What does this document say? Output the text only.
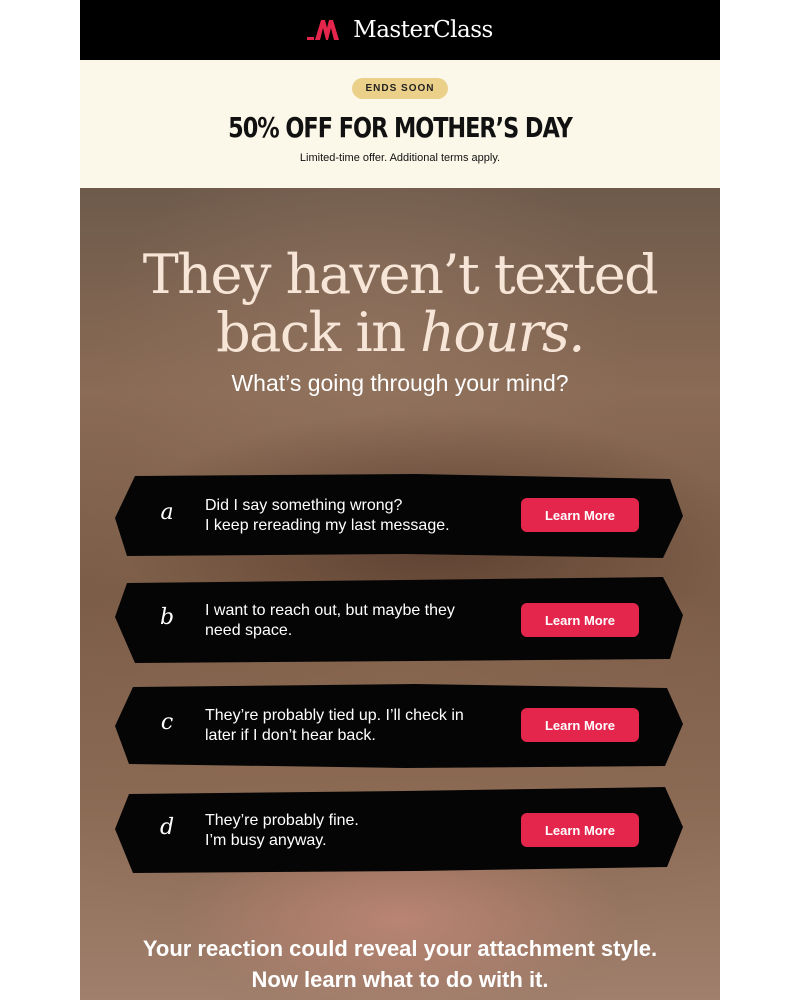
MasterClass
ENDS SOON
50% OFF FOR MOTHER’S DAY
Limited-time offer. Additional terms apply.
They haven’t texted
back in hours.
What’s going through your mind?
a Did I say something wrong?
I keep rereading my last message.
Learn More
b I want to reach out, but maybe they
need space.
Learn More
c They’re probably tied up. I’ll check in
later if I don’t hear back.
Learn More
d They’re probably fine.
I’m busy anyway.
Learn More
Your reaction could reveal your attachment style.
Now learn what to do with it.
